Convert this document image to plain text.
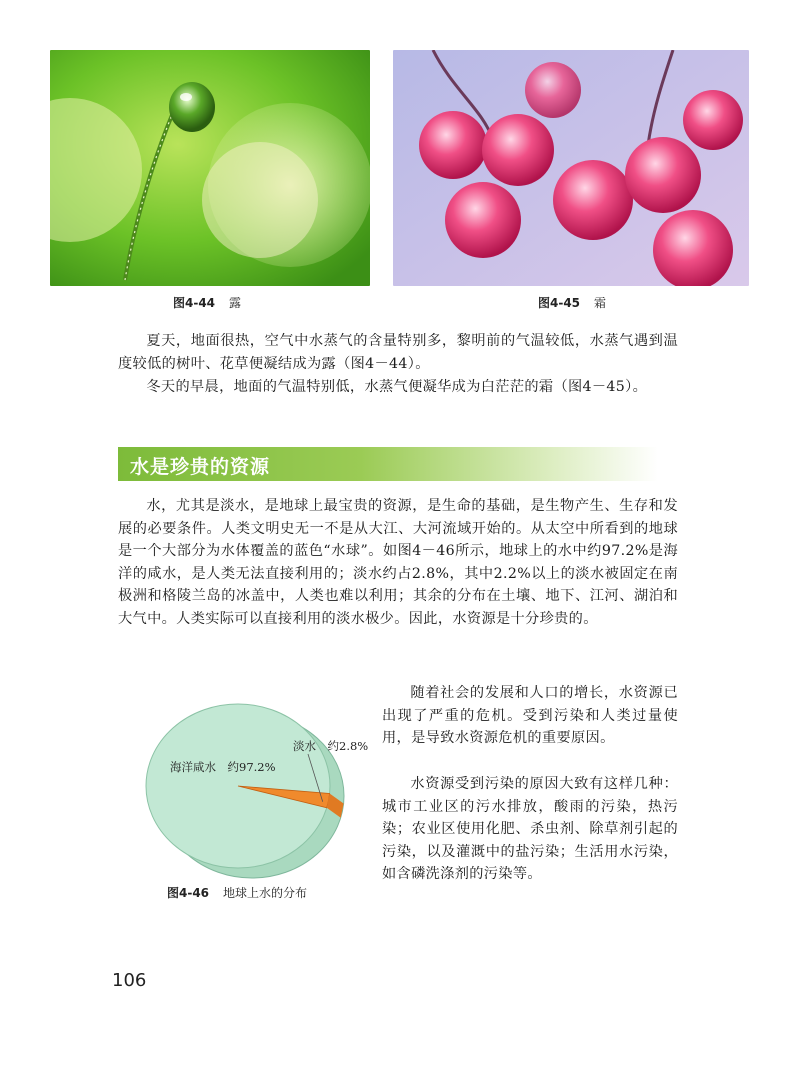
图4-44 露	图4-45 霜
夏天，地面很热，空气中水蒸气的含量特别多，黎明前的气温较低，水蒸气遇到温度较低的树叶、花草便凝结成为露（图4－44）。
冬天的早晨，地面的气温特别低，水蒸气便凝华成为白茫茫的霜（图4－45）。
水是珍贵的资源
水，尤其是淡水，是地球上最宝贵的资源，是生命的基础，是生物产生、生存和发展的必要条件。人类文明史无一不是从大江、大河流域开始的。从太空中所看到的地球是一个大部分为水体覆盖的蓝色“水球”。如图4－46所示，地球上的水中约97.2%是海洋的咸水，是人类无法直接利用的；淡水约占2.8%，其中2.2%以上的淡水被固定在南极洲和格陵兰岛的冰盖中，人类也难以利用；其余的分布在土壤、地下、江河、湖泊和大气中。人类实际可以直接利用的淡水极少。因此，水资源是十分珍贵的。
随着社会的发展和人口的增长，水资源已出现了严重的危机。受到污染和人类过量使用，是导致水资源危机的重要原因。
水资源受到污染的原因大致有这样几种：城市工业区的污水排放，酸雨的污染，热污染；农业区使用化肥、杀虫剂、除草剂引起的污染，以及灌溉中的盐污染；生活用水污染，如含磷洗涤剂的污染等。
海洋咸水　约97.2%
淡水　约2.8%
图4-46 地球上水的分布
106
